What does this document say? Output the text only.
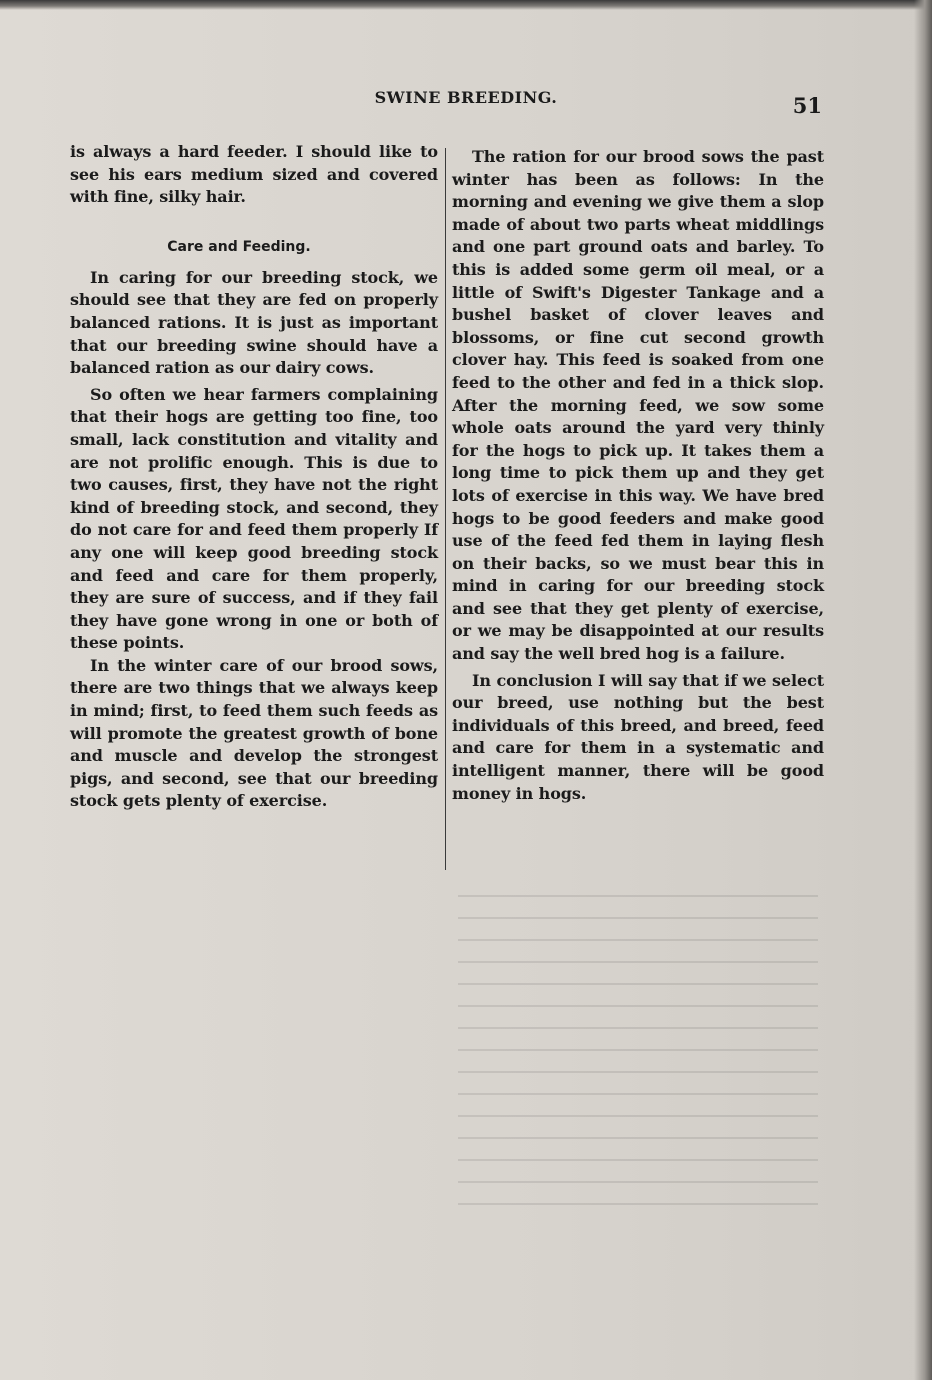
SWINE BREEDING.	51

is always a hard feeder. I should like to see his ears medium sized and covered with fine, silky hair.

Care and Feeding.

In caring for our breeding stock, we should see that they are fed on properly balanced rations. It is just as important that our breeding swine should have a balanced ration as our dairy cows.

So often we hear farmers complaining that their hogs are getting too fine, too small, lack constitution and vitality and are not prolific enough. This is due to two causes, first, they have not the right kind of breeding stock, and second, they do not care for and feed them properly If any one will keep good breeding stock and feed and care for them properly, they are sure of success, and if they fail they have gone wrong in one or both of these points.

In the winter care of our brood sows, there are two things that we always keep in mind; first, to feed them such feeds as will promote the greatest growth of bone and muscle and develop the strongest pigs, and second, see that our breeding stock gets plenty of exercise.

The ration for our brood sows the past winter has been as follows: In the morning and evening we give them a slop made of about two parts wheat middlings and one part ground oats and barley. To this is added some germ oil meal, or a little of Swift's Digester Tankage and a bushel basket of clover leaves and blossoms, or fine cut second growth clover hay. This feed is soaked from one feed to the other and fed in a thick slop. After the morning feed, we sow some whole oats around the yard very thinly for the hogs to pick up. It takes them a long time to pick them up and they get lots of exercise in this way. We have bred hogs to be good feeders and make good use of the feed fed them in laying flesh on their backs, so we must bear this in mind in caring for our breeding stock and see that they get plenty of exercise, or we may be disappointed at our results and say the well bred hog is a failure.

In conclusion I will say that if we select our breed, use nothing but the best individuals of this breed, and breed, feed and care for them in a systematic and intelligent manner, there will be good money in hogs.
